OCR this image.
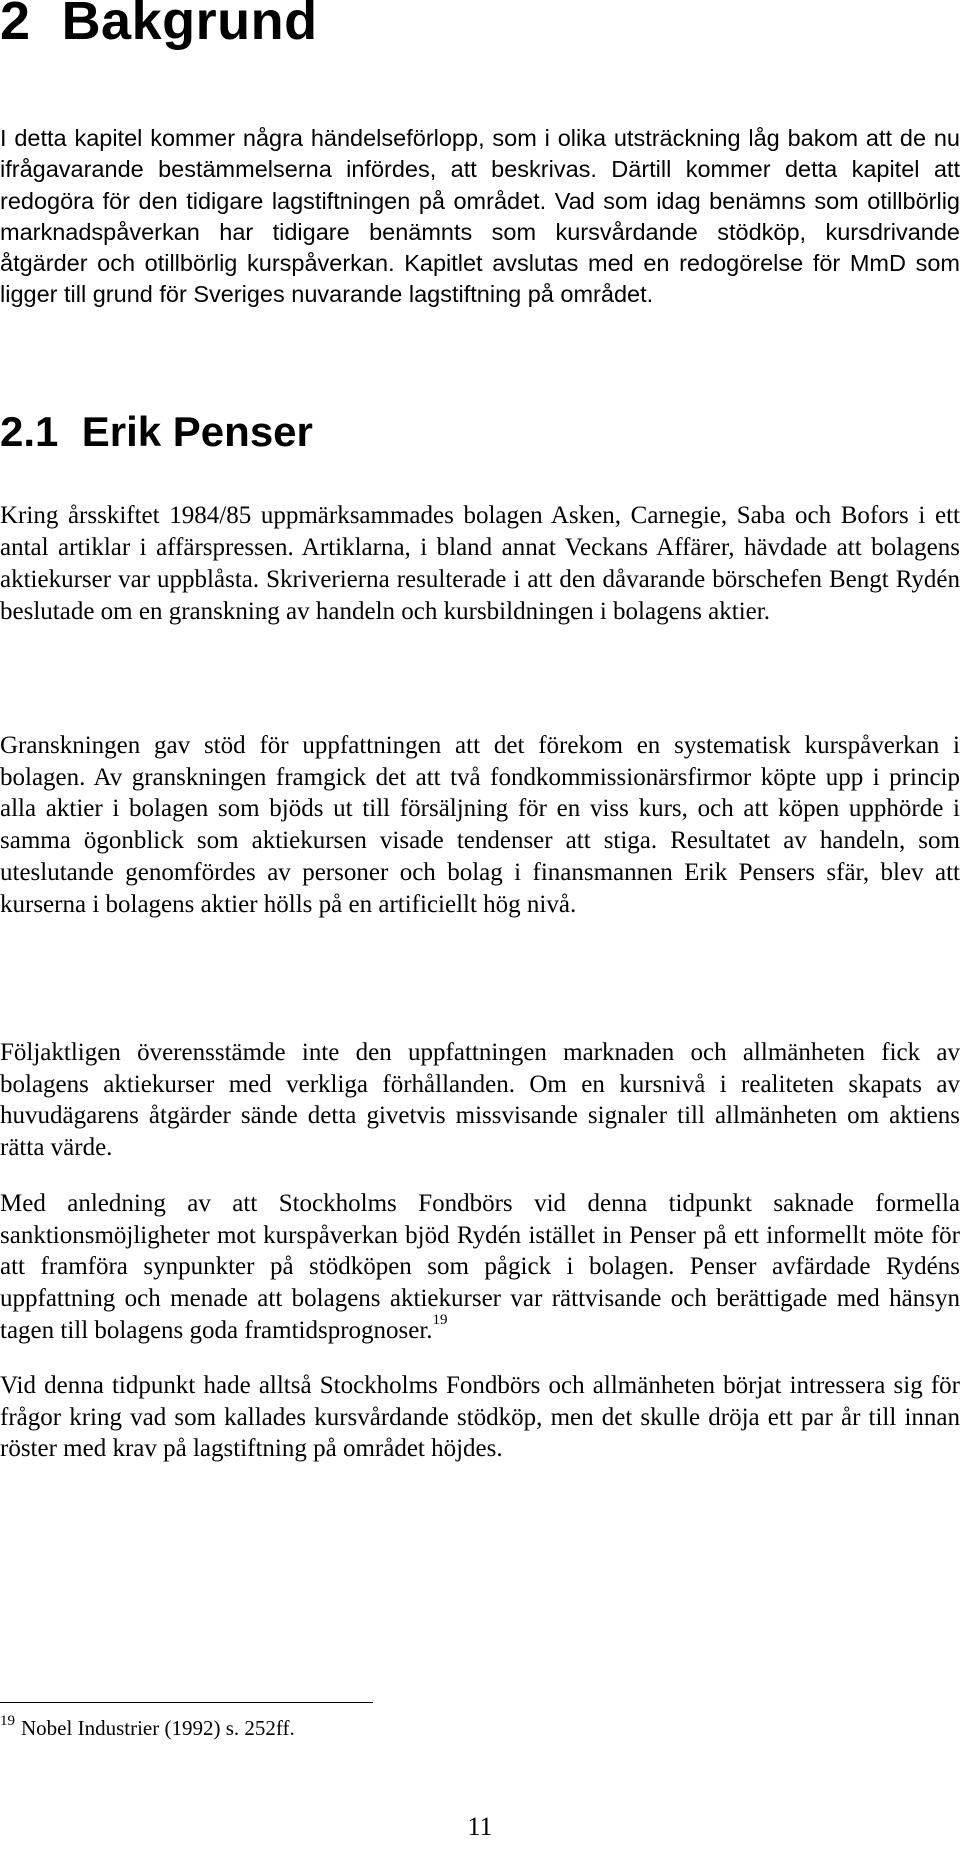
2 Bakgrund

I detta kapitel kommer några händelseförlopp, som i olika utsträckning låg bakom att de nu ifrågavarande bestämmelserna infördes, att beskrivas. Därtill kommer detta kapitel att redogöra för den tidigare lagstiftningen på området. Vad som idag benämns som otillbörlig marknadspåverkan har tidigare benämnts som kursvårdande stödköp, kursdrivande åtgärder och otillbörlig kurspåverkan. Kapitlet avslutas med en redogörelse för MmD som ligger till grund för Sveriges nuvarande lagstiftning på området.

2.1 Erik Penser

Kring årsskiftet 1984/85 uppmärksammades bolagen Asken, Carnegie, Saba och Bofors i ett antal artiklar i affärspressen. Artiklarna, i bland annat Veckans Affärer, hävdade att bolagens aktiekurser var uppblåsta. Skriverierna resulterade i att den dåvarande börschefen Bengt Rydén beslutade om en granskning av handeln och kursbildningen i bolagens aktier.

Granskningen gav stöd för uppfattningen att det förekom en systematisk kurspåverkan i bolagen. Av granskningen framgick det att två fondkommissionärsfirmor köpte upp i princip alla aktier i bolagen som bjöds ut till försäljning för en viss kurs, och att köpen upphörde i samma ögonblick som aktiekursen visade tendenser att stiga. Resultatet av handeln, som uteslutande genomfördes av personer och bolag i finansmannen Erik Pensers sfär, blev att kurserna i bolagens aktier hölls på en artificiellt hög nivå.

Följaktligen överensstämde inte den uppfattningen marknaden och allmänheten fick av bolagens aktiekurser med verkliga förhållanden. Om en kursnivå i realiteten skapats av huvudägarens åtgärder sände detta givetvis missvisande signaler till allmänheten om aktiens rätta värde.

Med anledning av att Stockholms Fondbörs vid denna tidpunkt saknade formella sanktionsmöjligheter mot kurspåverkan bjöd Rydén istället in Penser på ett informellt möte för att framföra synpunkter på stödköpen som pågick i bolagen. Penser avfärdade Rydéns uppfattning och menade att bolagens aktiekurser var rättvisande och berättigade med hänsyn tagen till bolagens goda framtidsprognoser.$^{19}$

Vid denna tidpunkt hade alltså Stockholms Fondbörs och allmänheten börjat intressera sig för frågor kring vad som kallades kursvårdande stödköp, men det skulle dröja ett par år till innan röster med krav på lagstiftning på området höjdes.

$^{19}$ Nobel Industrier (1992) s. 252ff.
11
